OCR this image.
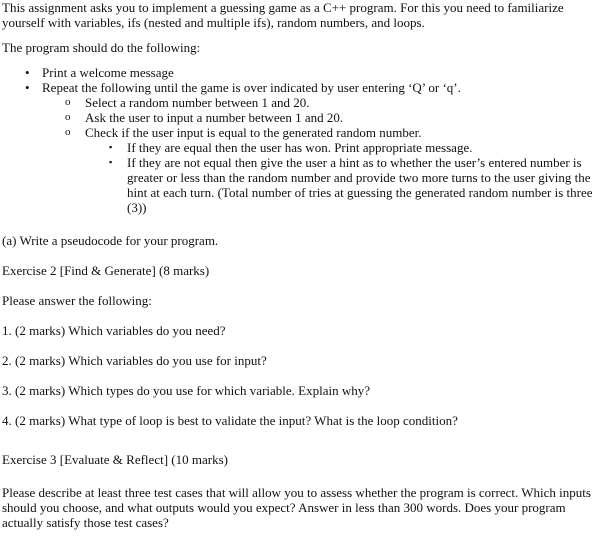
This assignment asks you to implement a guessing game as a C++ program. For this you need to familiarize yourself with variables, ifs (nested and multiple ifs), random numbers, and loops.

The program should do the following:

• Print a welcome message
• Repeat the following until the game is over indicated by user entering ‘Q’ or ‘q’.
o Select a random number between 1 and 20.
o Ask the user to input a number between 1 and 20.
o Check if the user input is equal to the generated random number.
▪ If they are equal then the user has won. Print appropriate message.
▪ If they are not equal then give the user a hint as to whether the user’s entered number is greater or less than the random number and provide two more turns to the user giving the hint at each turn. (Total number of tries at guessing the generated random number is three (3))

(a) Write a pseudocode for your program.

Exercise 2 [Find & Generate] (8 marks)

Please answer the following:

1. (2 marks) Which variables do you need?

2. (2 marks) Which variables do you use for input?

3. (2 marks) Which types do you use for which variable. Explain why?

4. (2 marks) What type of loop is best to validate the input? What is the loop condition?

Exercise 3 [Evaluate & Reflect] (10 marks)

Please describe at least three test cases that will allow you to assess whether the program is correct. Which inputs should you choose, and what outputs would you expect? Answer in less than 300 words. Does your program actually satisfy those test cases?
